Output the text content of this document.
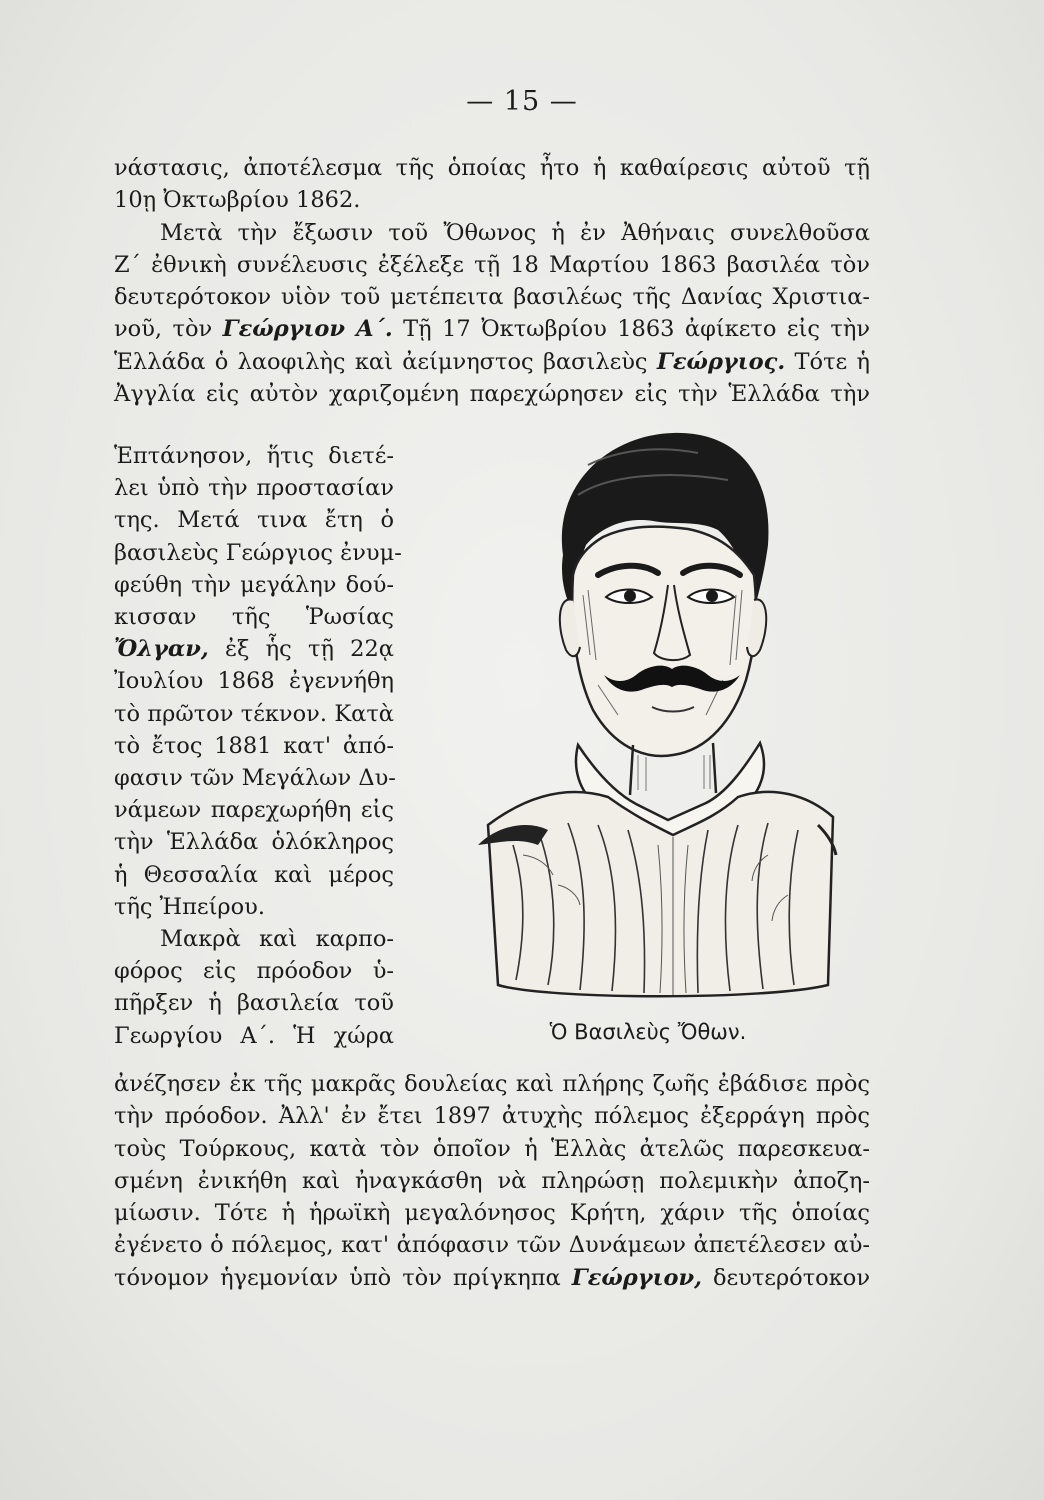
— 15 —
νάστασις, ἀποτέλεσμα τῆς ὁποίας ἦτο ἡ καθαίρεσις αὐτοῦ τῇ
10ῃ Ὀκτωβρίου 1862.
Μετὰ τὴν ἔξωσιν τοῦ Ὄθωνος ἡ ἐν Ἀθήναις συνελθοῦσα
Ζ΄ ἐθνικὴ συνέλευσις ἐξέλεξε τῇ 18 Μαρτίου 1863 βασιλέα τὸν
δευτερότοκον υἱὸν τοῦ μετέπειτα βασιλέως τῆς Δανίας Χριστια-
νοῦ, τὸν Γεώργιον Α΄. Τῇ 17 Ὀκτωβρίου 1863 ἀφίκετο εἰς τὴν
Ἑλλάδα ὁ λαοφιλὴς καὶ ἀείμνηστος βασιλεὺς Γεώργιος. Τότε ἡ
Ἀγγλία εἰς αὐτὸν χαριζομένη παρεχώρησεν εἰς τὴν Ἑλλάδα τὴν
Ἑπτάνησον, ἥτις διετέ-
λει ὑπὸ τὴν προστασίαν
της. Μετά τινα ἔτη ὁ
βασιλεὺς Γεώργιος ἐνυμ-
φεύθη τὴν μεγάλην δού-
κισσαν τῆς Ῥωσίας
Ὄλγαν, ἐξ ἧς τῇ 22ᾳ
Ἰουλίου 1868 ἐγεννήθη
τὸ πρῶτον τέκνον. Κατὰ
τὸ ἔτος 1881 κατ' ἀπό-
φασιν τῶν Μεγάλων Δυ-
νάμεων παρεχωρήθη εἰς
τὴν Ἑλλάδα ὁλόκληρος
ἡ Θεσσαλία καὶ μέρος
τῆς Ἠπείρου.
Μακρὰ καὶ καρπο-
φόρος εἰς πρόοδον ὑ-
πῆρξεν ἡ βασιλεία τοῦ
Γεωργίου Α΄. Ἡ χώρα	Ὁ Βασιλεὺς Ὄθων.
ἀνέζησεν ἐκ τῆς μακρᾶς δουλείας καὶ πλήρης ζωῆς ἐβάδισε πρὸς
τὴν πρόοδον. Ἀλλ' ἐν ἔτει 1897 ἀτυχὴς πόλεμος ἐξερράγη πρὸς
τοὺς Τούρκους, κατὰ τὸν ὁποῖον ἡ Ἑλλὰς ἀτελῶς παρεσκευα-
σμένη ἐνικήθη καὶ ἠναγκάσθη νὰ πληρώσῃ πολεμικὴν ἀποζη-
μίωσιν. Τότε ἡ ἡρωϊκὴ μεγαλόνησος Κρήτη, χάριν τῆς ὁποίας
ἐγένετο ὁ πόλεμος, κατ' ἀπόφασιν τῶν Δυνάμεων ἀπετέλεσεν αὐ-
τόνομον ἡγεμονίαν ὑπὸ τὸν πρίγκηπα Γεώργιον, δευτερότοκον
